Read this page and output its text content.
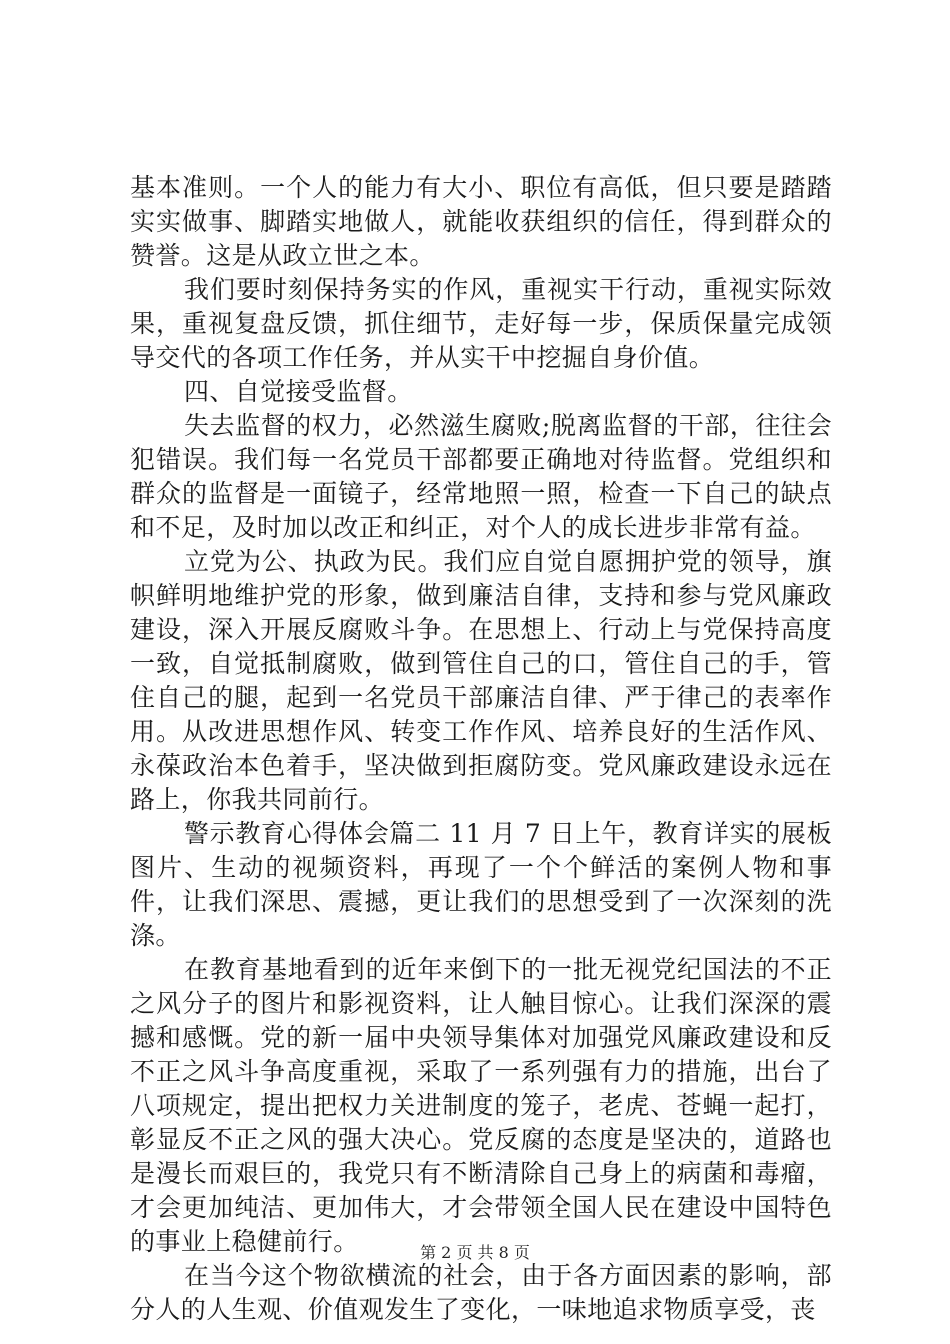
基本准则。一个人的能力有大小、职位有高低，但只要是踏踏实实做事、脚踏实地做人，就能收获组织的信任，得到群众的赞誉。这是从政立世之本。

我们要时刻保持务实的作风，重视实干行动，重视实际效果，重视复盘反馈，抓住细节，走好每一步，保质保量完成领导交代的各项工作任务，并从实干中挖掘自身价值。

四、自觉接受监督。

失去监督的权力，必然滋生腐败;脱离监督的干部，往往会犯错误。我们每一名党员干部都要正确地对待监督。党组织和群众的监督是一面镜子，经常地照一照，检查一下自己的缺点和不足，及时加以改正和纠正，对个人的成长进步非常有益。

立党为公、执政为民。我们应自觉自愿拥护党的领导，旗帜鲜明地维护党的形象，做到廉洁自律，支持和参与党风廉政建设，深入开展反腐败斗争。在思想上、行动上与党保持高度一致，自觉抵制腐败，做到管住自己的口，管住自己的手，管住自己的腿，起到一名党员干部廉洁自律、严于律己的表率作用。从改进思想作风、转变工作作风、培养良好的生活作风、永葆政治本色着手，坚决做到拒腐防变。党风廉政建设永远在路上，你我共同前行。

警示教育心得体会篇二 11 月 7 日上午，教育详实的展板图片、生动的视频资料，再现了一个个鲜活的案例人物和事件，让我们深思、震撼，更让我们的思想受到了一次深刻的洗涤。

在教育基地看到的近年来倒下的一批无视党纪国法的不正之风分子的图片和影视资料，让人触目惊心。让我们深深的震撼和感慨。党的新一届中央领导集体对加强党风廉政建设和反不正之风斗争高度重视，采取了一系列强有力的措施，出台了八项规定，提出把权力关进制度的笼子，老虎、苍蝇一起打，彰显反不正之风的强大决心。党反腐的态度是坚决的，道路也是漫长而艰巨的，我党只有不断清除自己身上的病菌和毒瘤，才会更加纯洁、更加伟大，才会带领全国人民在建设中国特色的事业上稳健前行。

在当今这个物欲横流的社会，由于各方面因素的影响，部分人的人生观、价值观发生了变化，一味地追求物质享受，丧

第 2 页 共 8 页
